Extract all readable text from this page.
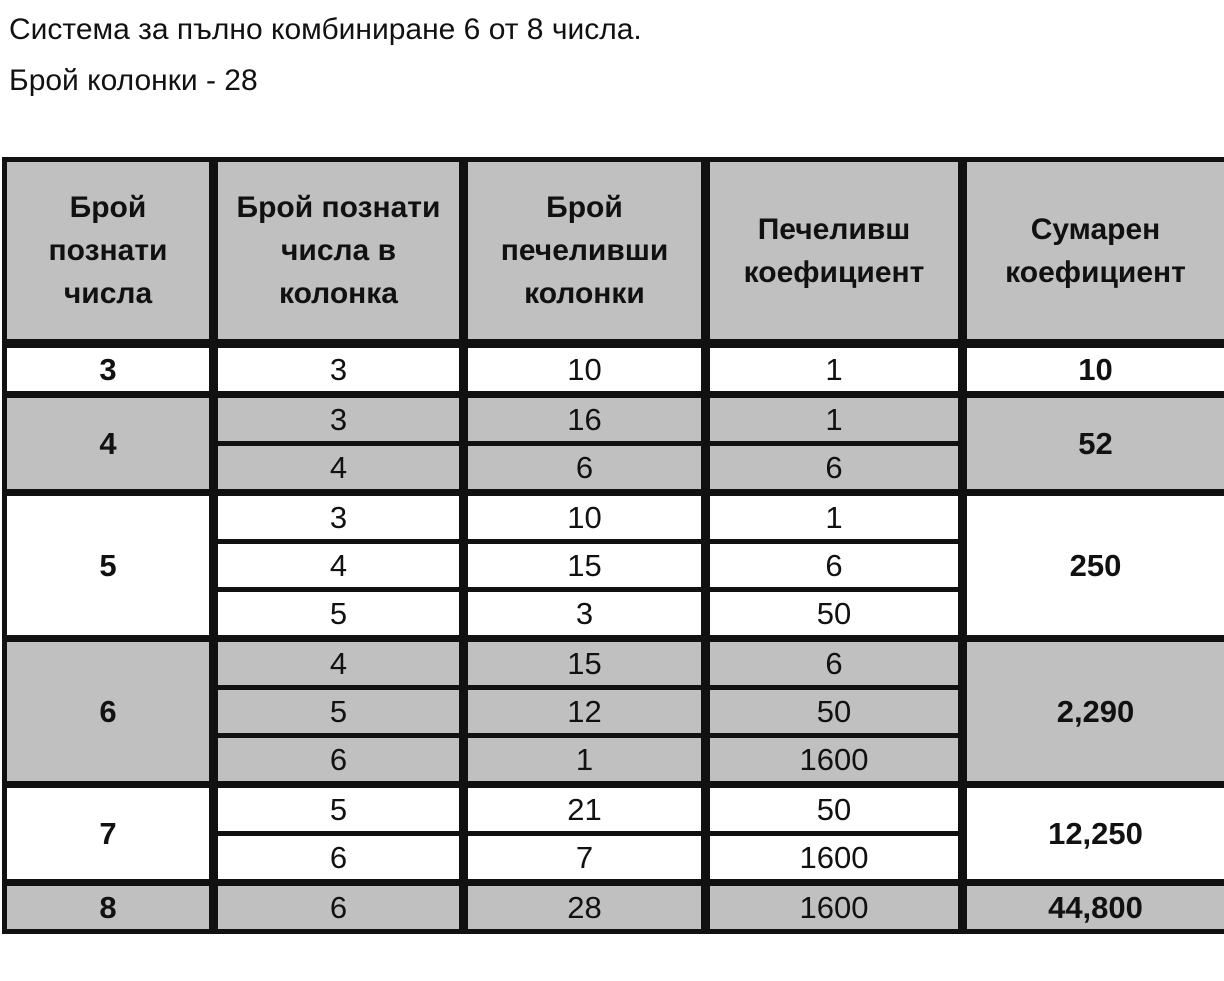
Система за пълно комбиниране 6 от 8 числа.
Брой колонки - 28
Брой познати числа	Брой познати числа в колонка	Брой печеливши колонки	Печеливш коефициент	Сумарен коефициент
3	3	10	1	10
4	3	16	1	52
	4	6	6	
5	3	10	1	250
	4	15	6	
	5	3	50	
6	4	15	6	2,290
	5	12	50	
	6	1	1600	
7	5	21	50	12,250
	6	7	1600	
8	6	28	1600	44,800
